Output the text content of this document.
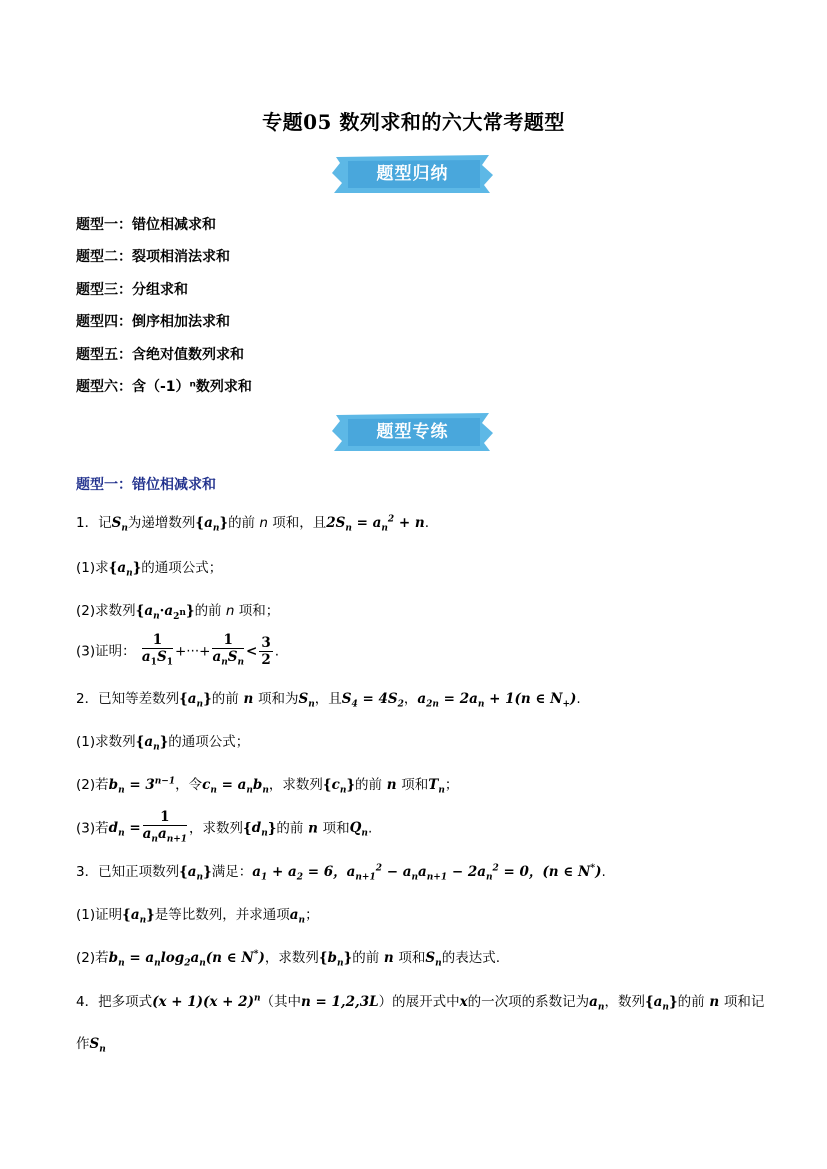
专题05 数列求和的六大常考题型
题型归纳
题型一：错位相减求和
题型二：裂项相消法求和
题型三：分组求和
题型四：倒序相加法求和
题型五：含绝对值数列求和
题型六：含（-1）ⁿ数列求和
题型专练
题型一：错位相减求和
1．记$S_n$为递增数列$\{a_n\}$的前 n 项和，且$2S_n = a_n^2 + n$.
(1)求$\{a_n\}$的通项公式；
(2)求数列$\{a_n\cdot a_{2^n}\}$的前 n 项和；
(3)证明： $\frac{1}{a_1S_1}$ +···+ $\frac{1}{a_nS_n} < \frac{3}{2}$ .
2．已知等差数列$\{a_n\}$的前 n 项和为$S_n$，且$S_4 = 4S_2$，$a_{2n} = 2a_n + 1(n$ ∈ $N_+$).
(1)求数列$\{a_n\}$的通项公式；
(2)若$b_n = 3^{n-1}$，令$c_n = a_nb_n$，求数列$\{c_n\}$的前 n 项和$T_n$；
(3)若$d_n = \frac{1}{a_na_{n+1}}$ ，求数列$\{d_n\}$的前 n 项和$Q_n$.
3．已知正项数列$\{a_n\}$满足：$a_1 + a_2 = 6$，$a_{n+1}^2 - a_na_{n+1} - 2a_n^2 = 0$，(n ∈ N*).
(1)证明$\{a_n\}$是等比数列，并求通项$a_n$；
(2)若$b_n = a_n\log_2a_n(n$ ∈ N*)，求数列$\{b_n\}$的前 n 项和$S_n$的表达式.
4．把多项式$(x + 1)(x + 2)^n$（其中n = 1,2,3L）的展开式中x的一次项的系数记为$a_n$，数列$\{a_n\}$的前 n 项和记
作$S_n$
